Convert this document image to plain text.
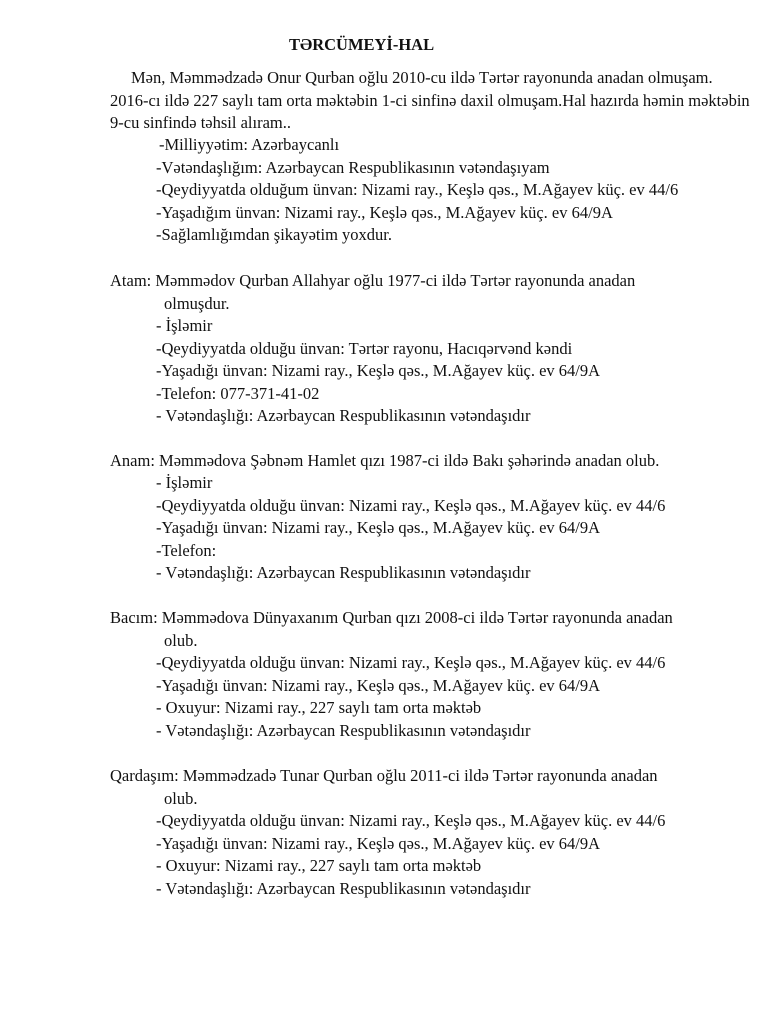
TƏRCÜMEYİ-HAL
Mən, Məmmədzadə Onur Qurban oğlu 2010-cu ildə Tərtər rayonunda anadan olmuşam. 2016-cı ildə 227 saylı tam orta məktəbin 1-ci sinfinə daxil olmuşam.Hal hazırda həmin məktəbin 9-cu sinfində təhsil alıram..
-Milliyyətim: Azərbaycanlı
-Vətəndaşlığım: Azərbaycan Respublikasının vətəndaşıyam
-Qeydiyyatda olduğum ünvan: Nizami ray., Keşlə qəs., M.Ağayev küç. ev 44/6
-Yaşadığım ünvan: Nizami ray., Keşlə qəs., M.Ağayev küç. ev 64/9A
-Sağlamlığımdan şikayətim yoxdur.
Atam: Məmmədov Qurban Allahyar oğlu 1977-ci ildə Tərtər rayonunda anadan
olmuşdur.
- İşləmir
-Qeydiyyatda olduğu ünvan: Tərtər rayonu, Hacıqərvənd kəndi
-Yaşadığı ünvan: Nizami ray., Keşlə qəs., M.Ağayev küç. ev 64/9A
-Telefon: 077-371-41-02
- Vətəndaşlığı: Azərbaycan Respublikasının vətəndaşıdır
Anam: Məmmədova Şəbnəm Hamlet qızı 1987-ci ildə Bakı şəhərində anadan olub.
- İşləmir
-Qeydiyyatda olduğu ünvan: Nizami ray., Keşlə qəs., M.Ağayev küç. ev 44/6
-Yaşadığı ünvan: Nizami ray., Keşlə qəs., M.Ağayev küç. ev 64/9A
-Telefon:
- Vətəndaşlığı: Azərbaycan Respublikasının vətəndaşıdır
Bacım: Məmmədova Dünyaxanım Qurban qızı 2008-ci ildə Tərtər rayonunda anadan
olub.
-Qeydiyyatda olduğu ünvan: Nizami ray., Keşlə qəs., M.Ağayev küç. ev 44/6
-Yaşadığı ünvan: Nizami ray., Keşlə qəs., M.Ağayev küç. ev 64/9A
- Oxuyur: Nizami ray., 227 saylı tam orta məktəb
- Vətəndaşlığı: Azərbaycan Respublikasının vətəndaşıdır
Qardaşım: Məmmədzadə Tunar Qurban oğlu 2011-ci ildə Tərtər rayonunda anadan
olub.
-Qeydiyyatda olduğu ünvan: Nizami ray., Keşlə qəs., M.Ağayev küç. ev 44/6
-Yaşadığı ünvan: Nizami ray., Keşlə qəs., M.Ağayev küç. ev 64/9A
- Oxuyur: Nizami ray., 227 saylı tam orta məktəb
- Vətəndaşlığı: Azərbaycan Respublikasının vətəndaşıdır
